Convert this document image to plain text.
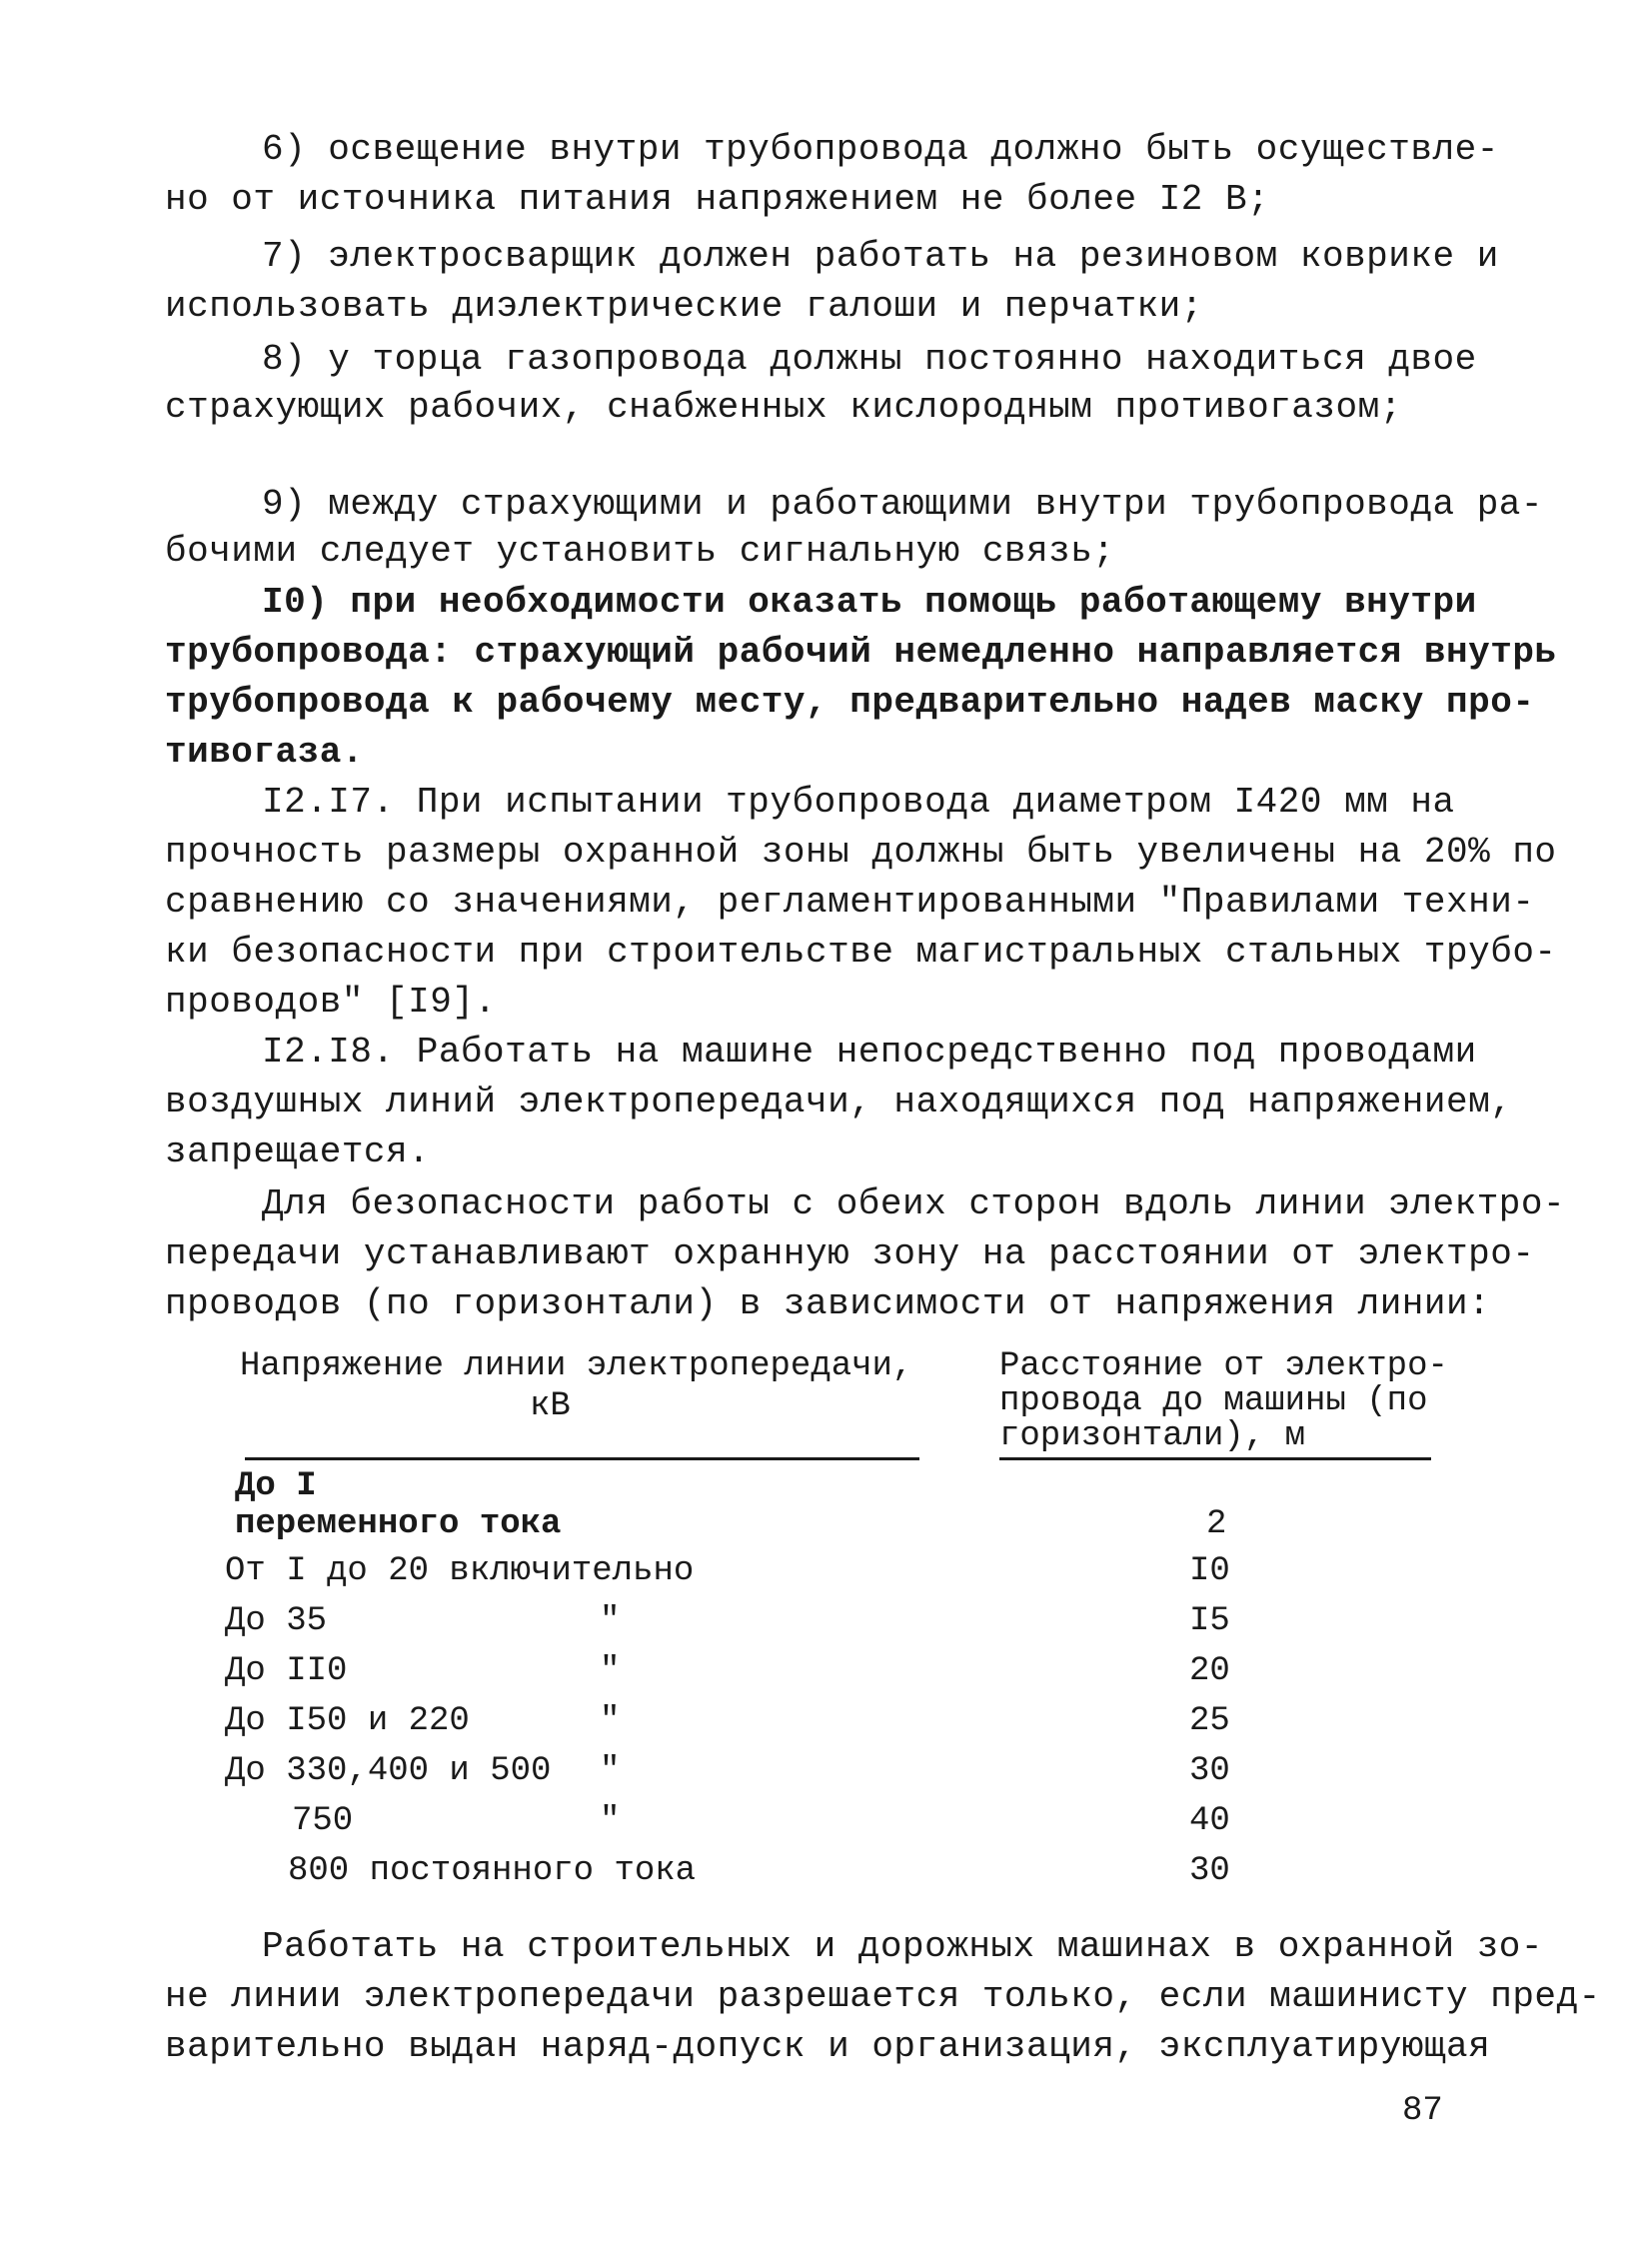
6) освещение внутри трубопровода должно быть осуществле-
но от источника питания напряжением не более I2 В;
7) электросварщик должен работать на резиновом коврике и
использовать диэлектрические галоши и перчатки;
8) у торца газопровода должны постоянно находиться двое
страхующих рабочих, снабженных кислородным противогазом;
9) между страхующими и работающими внутри трубопровода ра-
бочими следует установить сигнальную связь;
I0) при необходимости оказать помощь работающему внутри
трубопровода: страхующий рабочий немедленно направляется внутрь
трубопровода к рабочему месту, предварительно надев маску про-
тивогаза.
I2.I7. При испытании трубопровода диаметром I420 мм на
прочность размеры охранной зоны должны быть увеличены на 20% по
сравнению со значениями, регламентированными "Правилами техни-
ки безопасности при строительстве магистральных стальных трубо-
проводов" [I9].
I2.I8. Работать на машине непосредственно под проводами
воздушных линий электропередачи, находящихся под напряжением,
запрещается.
Для безопасности работы с обеих сторон вдоль линии электро-
передачи устанавливают охранную зону на расстоянии от электро-
проводов (по горизонтали) в зависимости от напряжения линии:
Напряжение линии электропередачи,
кВ
Расстояние от электро-
провода до машины (по
горизонтали), м
До I
переменного тока	2
От I до 20 включительно	I0
До 35	"	I5
До II0	"	20
До I50 и 220	"	25
До 330,400 и 500 "	30
750	"	40
800 постоянного тока	30
Работать на строительных и дорожных машинах в охранной зо-
не линии электропередачи разрешается только, если машинисту пред-
варительно выдан наряд-допуск и организация, эксплуатирующая
87
